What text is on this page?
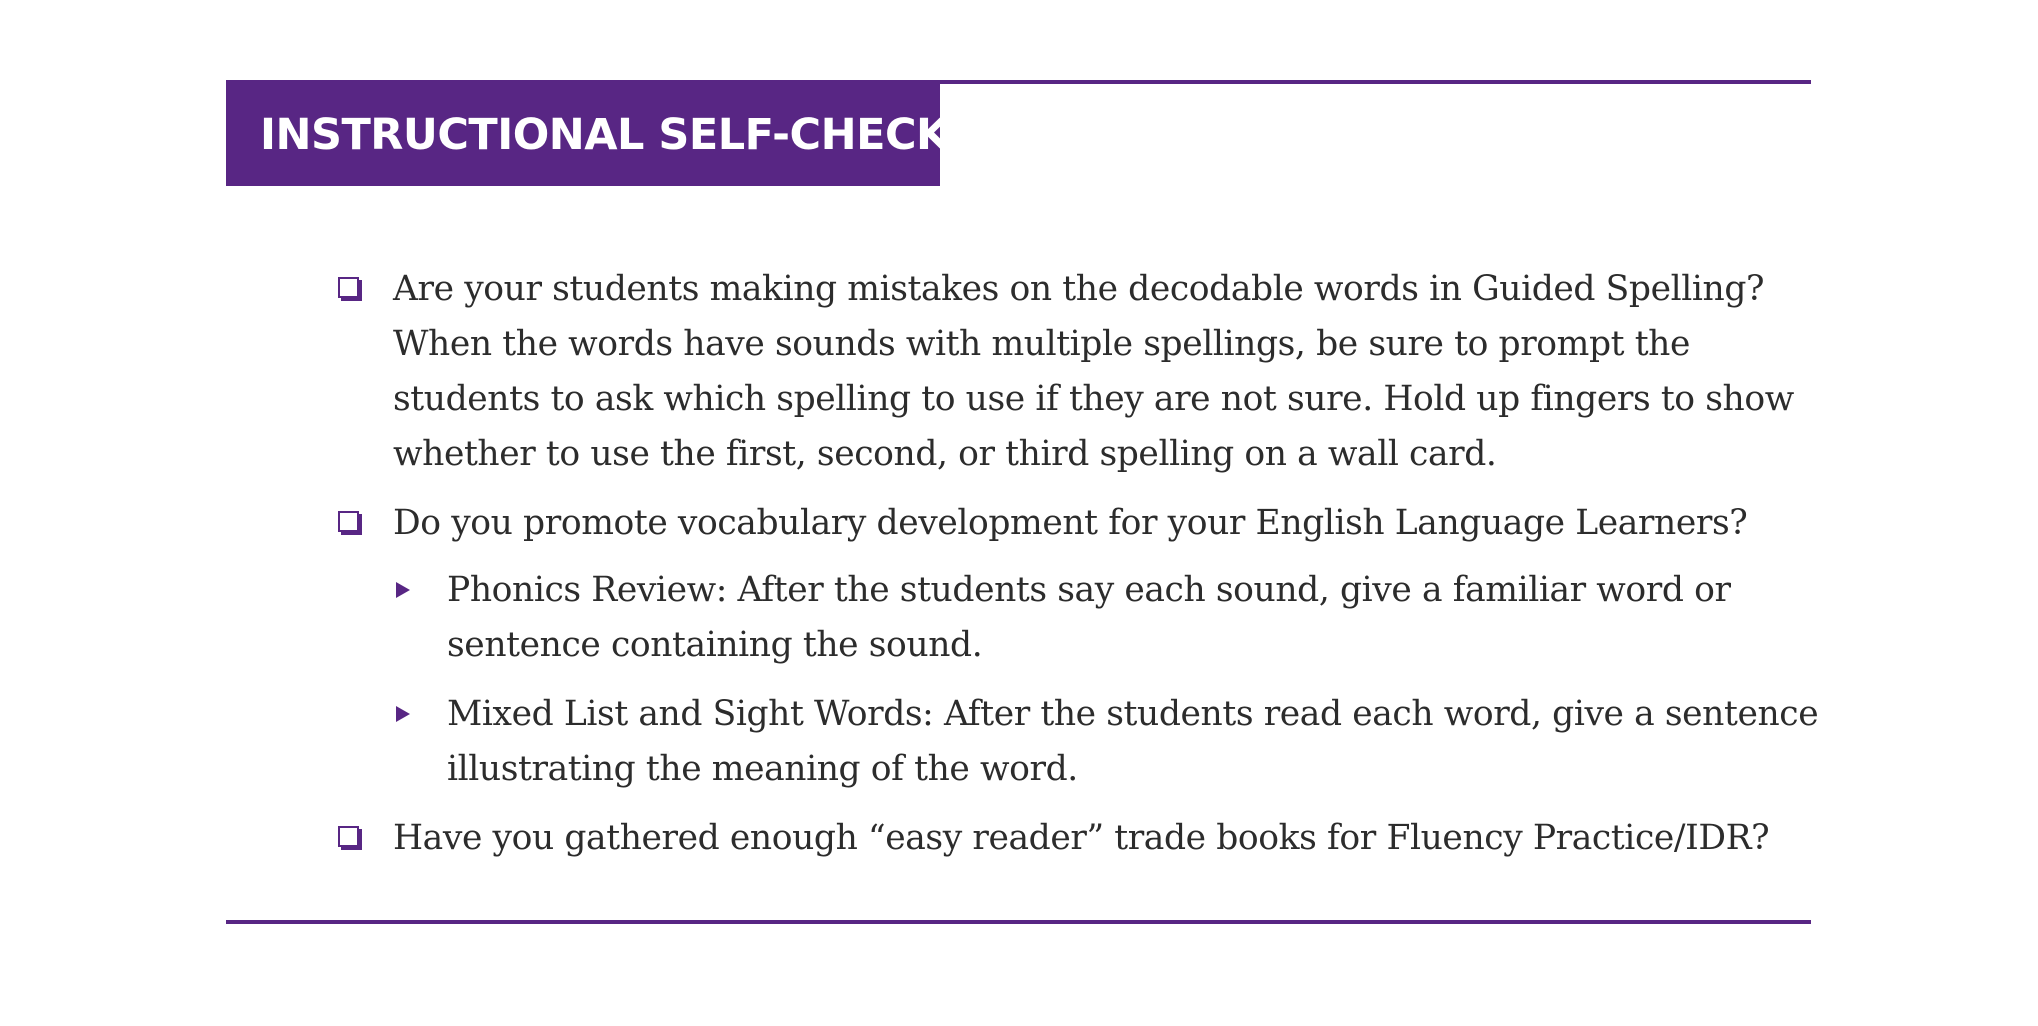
INSTRUCTIONAL SELF-CHECK
Are your students making mistakes on the decodable words in Guided Spelling? When the words have sounds with multiple spellings, be sure to prompt the students to ask which spelling to use if they are not sure. Hold up fingers to show whether to use the first, second, or third spelling on a wall card.
Do you promote vocabulary development for your English Language Learners?
Phonics Review: After the students say each sound, give a familiar word or sentence containing the sound.
Mixed List and Sight Words: After the students read each word, give a sentence illustrating the meaning of the word.
Have you gathered enough “easy reader” trade books for Fluency Practice/IDR?
